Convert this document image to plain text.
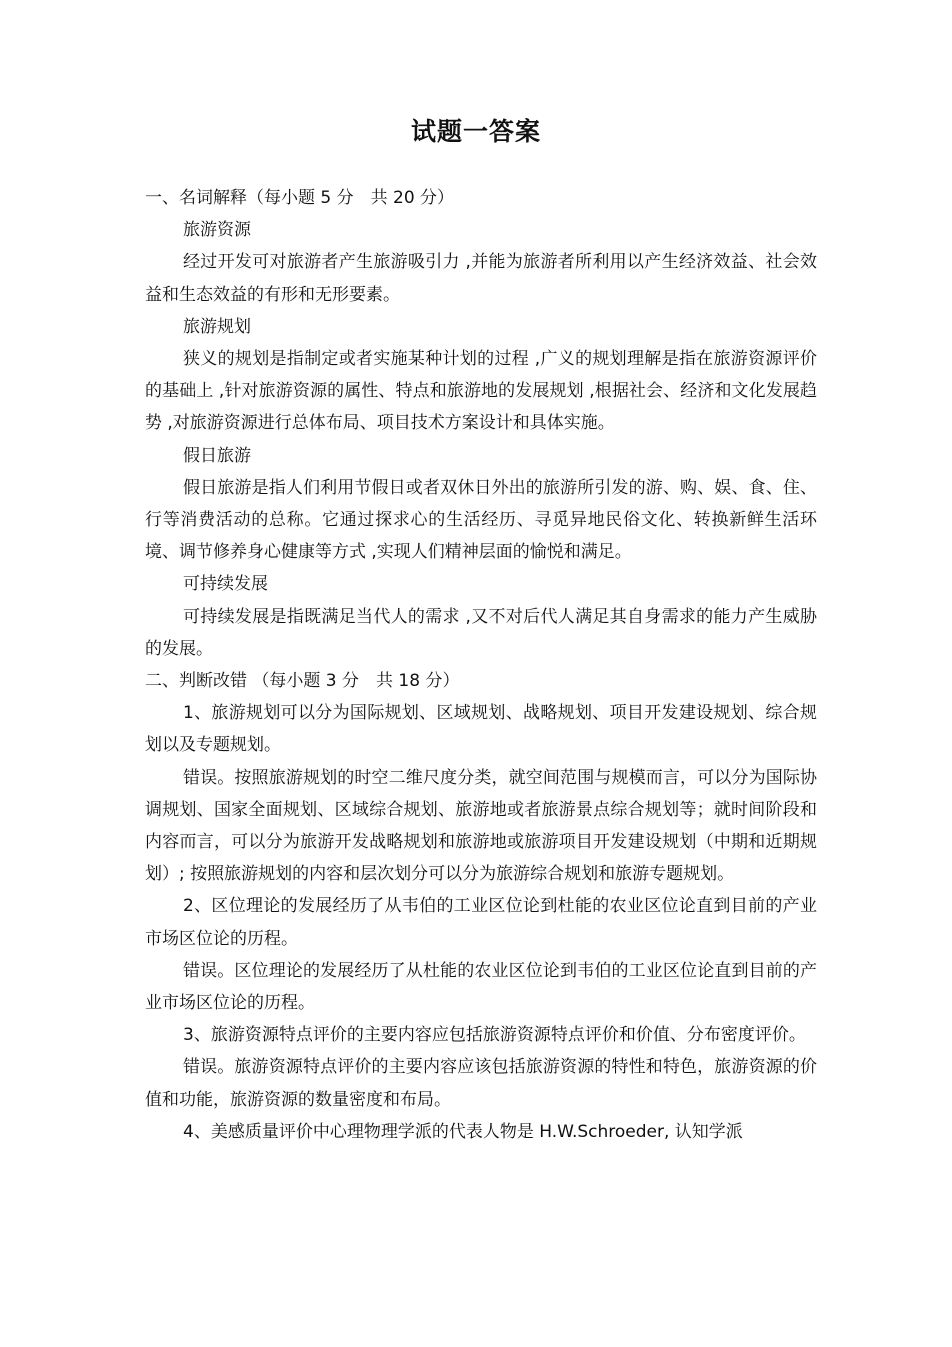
试题一答案

一、名词解释（每小题 5 分　共 20 分）

旅游资源

经过开发可对旅游者产生旅游吸引力 ,并能为旅游者所利用以产生经济效益、社会效益和生态效益的有形和无形要素。

旅游规划

狭义的规划是指制定或者实施某种计划的过程 ,广义的规划理解是指在旅游资源评价的基础上 ,针对旅游资源的属性、特点和旅游地的发展规划 ,根据社会、经济和文化发展趋势 ,对旅游资源进行总体布局、项目技术方案设计和具体实施。

假日旅游

假日旅游是指人们利用节假日或者双休日外出的旅游所引发的游、购、娱、食、住、行等消费活动的总称。它通过探求心的生活经历、寻觅异地民俗文化、转换新鲜生活环境、调节修养身心健康等方式 ,实现人们精神层面的愉悦和满足。

可持续发展

可持续发展是指既满足当代人的需求 ,又不对后代人满足其自身需求的能力产生威胁的发展。

二、判断改错 （每小题 3 分　共 18 分）

1、旅游规划可以分为国际规划、区域规划、战略规划、项目开发建设规划、综合规划以及专题规划。

错误。按照旅游规划的时空二维尺度分类，就空间范围与规模而言，可以分为国际协调规划、国家全面规划、区域综合规划、旅游地或者旅游景点综合规划等；就时间阶段和内容而言，可以分为旅游开发战略规划和旅游地或旅游项目开发建设规划（中期和近期规划）; 按照旅游规划的内容和层次划分可以分为旅游综合规划和旅游专题规划。

2、区位理论的发展经历了从韦伯的工业区位论到杜能的农业区位论直到目前的产业市场区位论的历程。

错误。区位理论的发展经历了从杜能的农业区位论到韦伯的工业区位论直到目前的产业市场区位论的历程。

3、旅游资源特点评价的主要内容应包括旅游资源特点评价和价值、分布密度评价。

错误。旅游资源特点评价的主要内容应该包括旅游资源的特性和特色，旅游资源的价值和功能，旅游资源的数量密度和布局。

4、美感质量评价中心理物理学派的代表人物是 H.W.Schroeder, 认知学派
